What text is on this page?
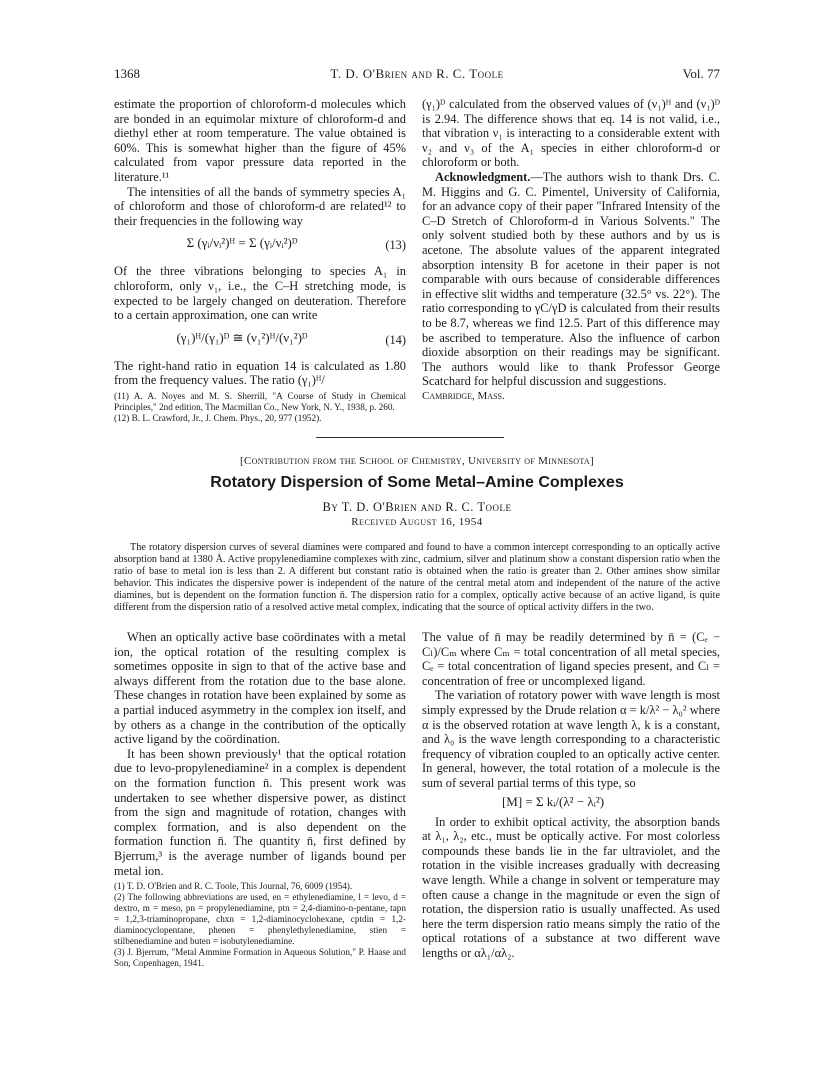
1368	T. D. O'Brien and R. C. Toole	Vol. 77

estimate the proportion of chloroform-d molecules which are bonded in an equimolar mixture of chloroform-d and diethyl ether at room temperature. The value obtained is 60%. This is somewhat higher than the figure of 45% calculated from vapor pressure data reported in the literature.¹¹

The intensities of all the bands of symmetry species A₁ of chloroform and those of chloroform-d are related¹² to their frequencies in the following way

Σ (γᵢ/νᵢ²)ᴴ = Σ (γᵢ/νᵢ²)ᴰ	(13)

Of the three vibrations belonging to species A₁ in chloroform, only ν₁, i.e., the C–H stretching mode, is expected to be largely changed on deuteration. Therefore to a certain approximation, one can write

(γ₁)ᴴ/(γ₁)ᴰ ≅ (ν₁²)ᴴ/(ν₁²)ᴰ	(14)

The right-hand ratio in equation 14 is calculated as 1.80 from the frequency values. The ratio (γ₁)ᴴ/

(11) A. A. Noyes and M. S. Sherrill, "A Course of Study in Chemical Principles," 2nd edition, The Macmillan Co., New York, N. Y., 1938, p. 260.

(12) B. L. Crawford, Jr., J. Chem. Phys., 20, 977 (1952).

(γ₁)ᴰ calculated from the observed values of (ν₁)ᴴ and (ν₁)ᴰ is 2.94. The difference shows that eq. 14 is not valid, i.e., that vibration ν₁ is interacting to a considerable extent with ν₂ and ν₃ of the A₁ species in either chloroform-d or chloroform or both.

Acknowledgment.—The authors wish to thank Drs. C. M. Higgins and G. C. Pimentel, University of California, for an advance copy of their paper "Infrared Intensity of the C–D Stretch of Chloroform-d in Various Solvents." The only solvent studied both by these authors and by us is acetone. The absolute values of the apparent integrated absorption intensity B for acetone in their paper is not comparable with ours because of considerable differences in effective slit widths and temperature (32.5° vs. 22°). The ratio corresponding to γC/γD is calculated from their results to be 8.7, whereas we find 12.5. Part of this difference may be ascribed to temperature. Also the influence of carbon dioxide absorption on their readings may be significant. The authors would like to thank Professor George Scatchard for helpful discussion and suggestions.

Cambridge, Mass.

[Contribution from the School of Chemistry, University of Minnesota]
Rotatory Dispersion of Some Metal–Amine Complexes
By T. D. O'Brien and R. C. Toole
Received August 16, 1954
The rotatory dispersion curves of several diamines were compared and found to have a common intercept corresponding to an optically active absorption band at 1380 Å. Active propylenediamine complexes with zinc, cadmium, silver and platinum show a constant dispersion ratio when the ratio of base to metal ion is less than 2. A different but constant ratio is obtained when the ratio is greater than 2. Other amines show similar behavior. This indicates the dispersive power is independent of the nature of the central metal atom and independent of the nature of the active diamines, but is dependent on the formation function n̄. The dispersion ratio for a complex, optically active because of an active ligand, is quite different from the dispersion ratio of a resolved active metal complex, indicating that the source of optical activity differs in the two.

When an optically active base coördinates with a metal ion, the optical rotation of the resulting complex is sometimes opposite in sign to that of the active base and always different from the rotation due to the base alone. These changes in rotation have been explained by some as a partial induced asymmetry in the complex ion itself, and by others as a change in the contribution of the optically active ligand by the coördination.

It has been shown previously¹ that the optical rotation due to levo-propylenediamine² in a complex is dependent on the formation function n̄. This present work was undertaken to see whether dispersive power, as distinct from the sign and magnitude of rotation, changes with complex formation, and is also dependent on the formation function n̄. The quantity n̄, first defined by Bjerrum,³ is the average number of ligands bound per metal ion.

(1) T. D. O'Brien and R. C. Toole, This Journal, 76, 6009 (1954).

(2) The following abbreviations are used, en = ethylenediamine, l = levo, d = dextro, m = meso, pn = propylenediamine, ptn = 2,4-diamino-n-pentane, tapn = 1,2,3-triaminopropane, chxn = 1,2-diaminocyclohexane, cptdin = 1,2-diaminocyclopentane, phenen = phenylethylenediamine, stien = stilbenediamine and buten = isobutylenediamine.

(3) J. Bjerrum, "Metal Ammine Formation in Aqueous Solution," P. Haase and Son, Copenhagen, 1941.

The value of n̄ may be readily determined by n̄ = (Cₑ − Cₗ)/Cₘ where Cₘ = total concentration of all metal species, Cₑ = total concentration of ligand species present, and Cₗ = concentration of free or uncomplexed ligand.

The variation of rotatory power with wave length is most simply expressed by the Drude relation α = k/λ² − λ₀² where α is the observed rotation at wave length λ, k is a constant, and λ₀ is the wave length corresponding to a characteristic frequency of vibration coupled to an optically active center. In general, however, the total rotation of a molecule is the sum of several partial terms of this type, so

[M] = Σ kᵢ/(λ² − λᵢ²)

In order to exhibit optical activity, the absorption bands at λ₁, λ₂, etc., must be optically active. For most colorless compounds these bands lie in the far ultraviolet, and the rotation in the visible increases gradually with decreasing wave length. While a change in solvent or temperature may often cause a change in the magnitude or even the sign of rotation, the dispersion ratio is usually unaffected. As used here the term dispersion ratio means simply the ratio of the optical rotations of a substance at two different wave lengths or αλ₁/αλ₂.
